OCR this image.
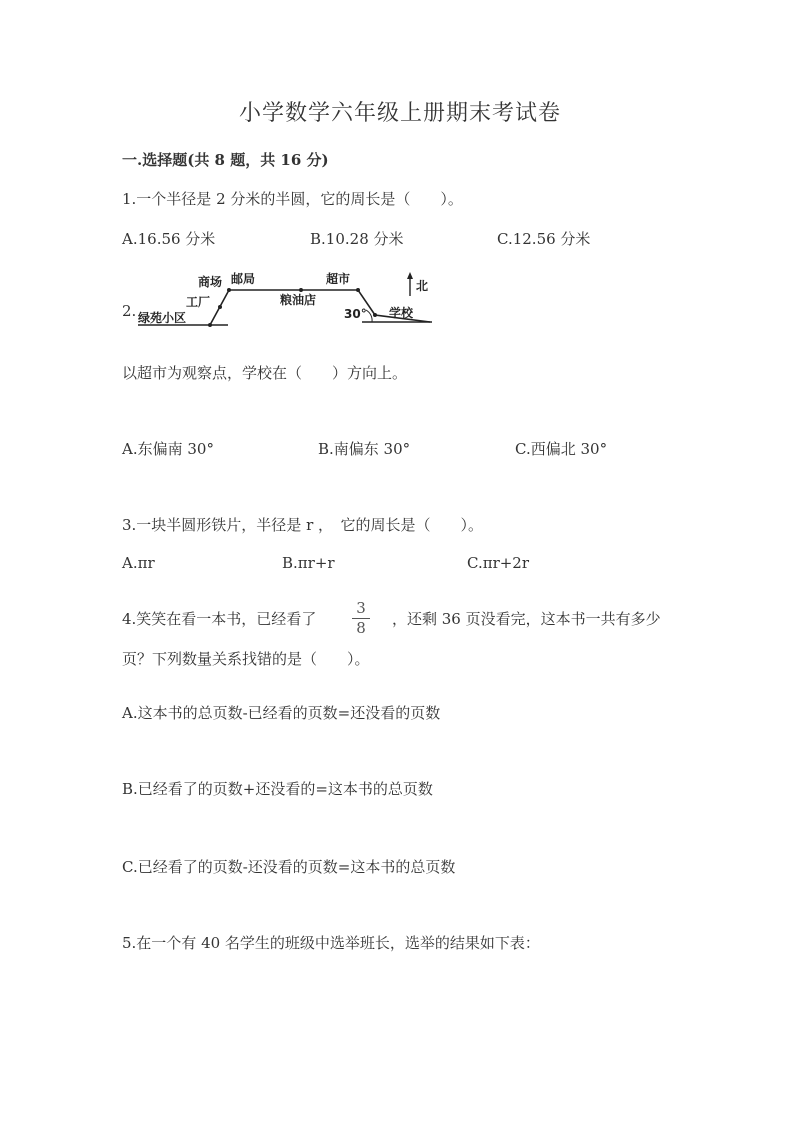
小学数学六年级上册期末考试卷
一.选择题(共 8 题，共 16 分)
1.一个半径是 2 分米的半圆，它的周长是（　　）。
A.16.56 分米	B.10.28 分米	C.12.56 分米
2.
商场 邮局	超市
工厂	粮油店
绿苑小区	学校
北
30°
以超市为观察点，学校在（　　）方向上。
A.东偏南 30°	B.南偏东 30°	C.西偏北 30°
3.一块半圆形铁片，半径是 r ，　它的周长是（　　）。
A.πr	B.πr+r	C.πr+2r
4.笑笑在看一本书，已经看了
3
8 ，还剩 36 页没看完，这本书一共有多少
页？下列数量关系找错的是（　　）。
A.这本书的总页数-已经看的页数=还没看的页数
B.已经看了的页数+还没看的=这本书的总页数
C.已经看了的页数-还没看的页数=这本书的总页数
5.在一个有 40 名学生的班级中选举班长，选举的结果如下表：
